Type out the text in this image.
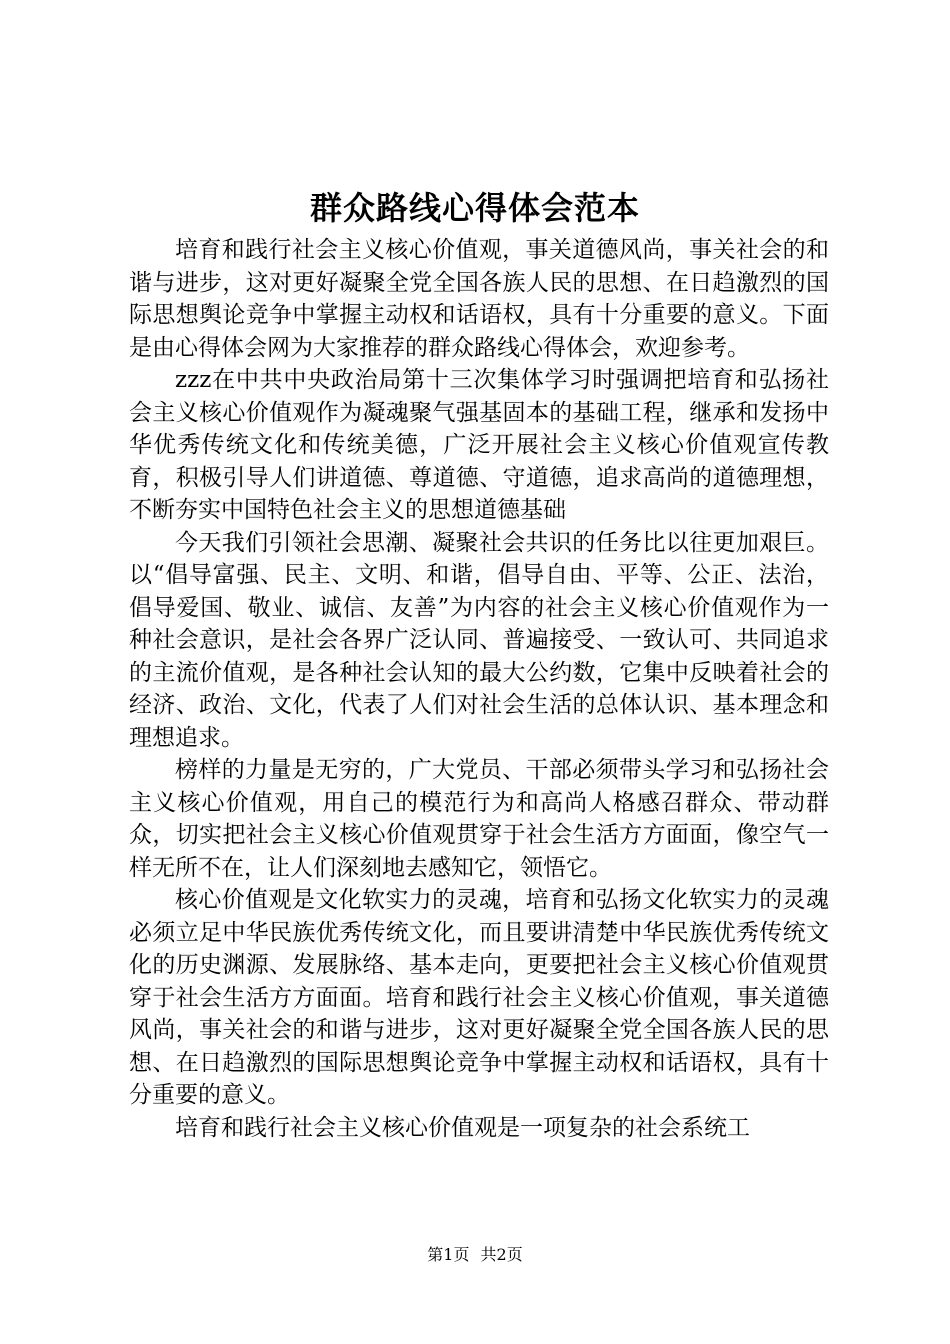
群众路线心得体会范本

培育和践行社会主义核心价值观，事关道德风尚，事关社会的和谐与进步，这对更好凝聚全党全国各族人民的思想、在日趋激烈的国际思想舆论竞争中掌握主动权和话语权，具有十分重要的意义。下面是由心得体会网为大家推荐的群众路线心得体会，欢迎参考。

zzz在中共中央政治局第十三次集体学习时强调把培育和弘扬社会主义核心价值观作为凝魂聚气强基固本的基础工程，继承和发扬中华优秀传统文化和传统美德，广泛开展社会主义核心价值观宣传教育，积极引导人们讲道德、尊道德、守道德，追求高尚的道德理想，不断夯实中国特色社会主义的思想道德基础

今天我们引领社会思潮、凝聚社会共识的任务比以往更加艰巨。以“倡导富强、民主、文明、和谐，倡导自由、平等、公正、法治，倡导爱国、敬业、诚信、友善”为内容的社会主义核心价值观作为一种社会意识，是社会各界广泛认同、普遍接受、一致认可、共同追求的主流价值观，是各种社会认知的最大公约数，它集中反映着社会的经济、政治、文化，代表了人们对社会生活的总体认识、基本理念和理想追求。

榜样的力量是无穷的，广大党员、干部必须带头学习和弘扬社会主义核心价值观，用自己的模范行为和高尚人格感召群众、带动群众，切实把社会主义核心价值观贯穿于社会生活方方面面，像空气一样无所不在，让人们深刻地去感知它，领悟它。

核心价值观是文化软实力的灵魂，培育和弘扬文化软实力的灵魂必须立足中华民族优秀传统文化，而且要讲清楚中华民族优秀传统文化的历史渊源、发展脉络、基本走向，更要把社会主义核心价值观贯穿于社会生活方方面面。培育和践行社会主义核心价值观，事关道德风尚，事关社会的和谐与进步，这对更好凝聚全党全国各族人民的思想、在日趋激烈的国际思想舆论竞争中掌握主动权和话语权，具有十分重要的意义。

培育和践行社会主义核心价值观是一项复杂的社会系统工

第1页 共2页
